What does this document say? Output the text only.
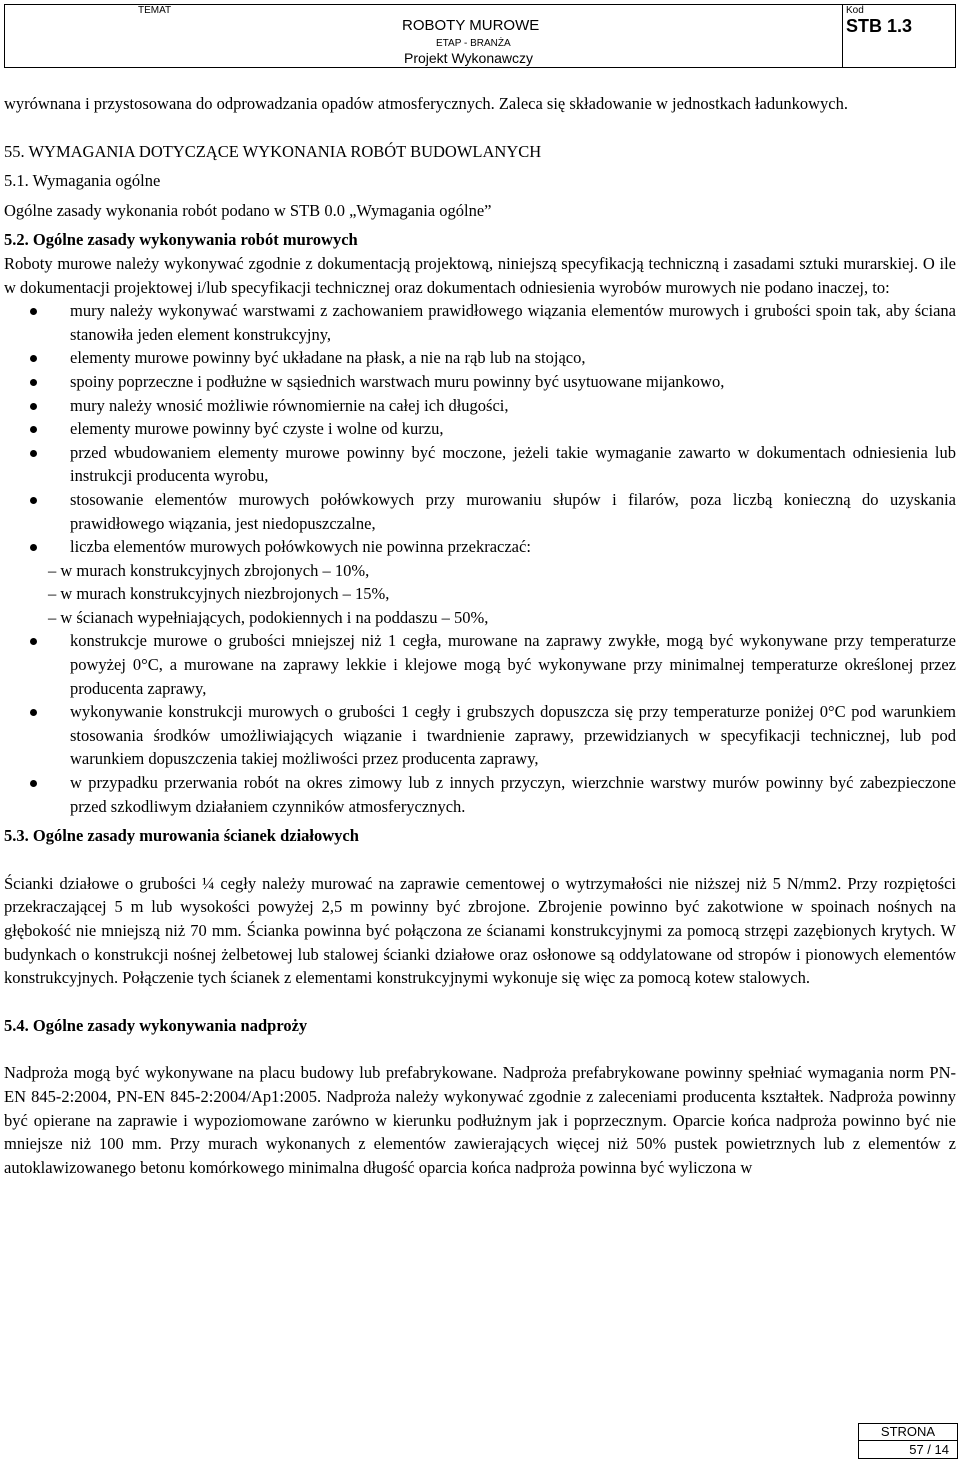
TEMAT	Kod
ROBOTY MUROWE	STB 1.3
ETAP - BRANŻA
Projekt Wykonawczy

wyrównana i przystosowana do odprowadzania opadów atmosferycznych. Zaleca się składowanie w jednostkach ładunkowych.

55. WYMAGANIA DOTYCZĄCE WYKONANIA ROBÓT BUDOWLANYCH

5.1. Wymagania ogólne

Ogólne zasady wykonania robót podano w STB 0.0 „Wymagania ogólne”

5.2. Ogólne zasady wykonywania robót murowych

Roboty murowe należy wykonywać zgodnie z dokumentacją projektową, niniejszą specyfikacją techniczną i zasadami sztuki murarskiej. O ile w dokumentacji projektowej i/lub specyfikacji technicznej oraz dokumentach odniesienia wyrobów murowych nie podano inaczej, to:

mury należy wykonywać warstwami z zachowaniem prawidłowego wiązania elementów murowych i grubości spoin tak, aby ściana stanowiła jeden element konstrukcyjny,
elementy murowe powinny być układane na płask, a nie na rąb lub na stojąco,
spoiny poprzeczne i podłużne w sąsiednich warstwach muru powinny być usytuowane mijankowo,
mury należy wnosić możliwie równomiernie na całej ich długości,
elementy murowe powinny być czyste i wolne od kurzu,
przed wbudowaniem elementy murowe powinny być moczone, jeżeli takie wymaganie zawarto w dokumentach odniesienia lub instrukcji producenta wyrobu,
stosowanie elementów murowych połówkowych przy murowaniu słupów i filarów, poza liczbą konieczną do uzyskania prawidłowego wiązania, jest niedopuszczalne,
liczba elementów murowych połówkowych nie powinna przekraczać:
– w murach konstrukcyjnych zbrojonych – 10%,
– w murach konstrukcyjnych niezbrojonych – 15%,
– w ścianach wypełniających, podokiennych i na poddaszu – 50%,
konstrukcje murowe o grubości mniejszej niż 1 cegła, murowane na zaprawy zwykłe, mogą być wykonywane przy temperaturze powyżej 0°C, a murowane na zaprawy lekkie i klejowe mogą być wykonywane przy minimalnej temperaturze określonej przez producenta zaprawy,
wykonywanie konstrukcji murowych o grubości 1 cegły i grubszych dopuszcza się przy temperaturze poniżej 0°C pod warunkiem stosowania środków umożliwiających wiązanie i twardnienie zaprawy, przewidzianych w specyfikacji technicznej, lub pod warunkiem dopuszczenia takiej możliwości przez producenta zaprawy,
w przypadku przerwania robót na okres zimowy lub z innych przyczyn, wierzchnie warstwy murów powinny być zabezpieczone przed szkodliwym działaniem czynników atmosferycznych.

5.3. Ogólne zasady murowania ścianek działowych

Ścianki działowe o grubości ¼ cegły należy murować na zaprawie cementowej o wytrzymałości nie niższej niż 5 N/mm2. Przy rozpiętości przekraczającej 5 m lub wysokości powyżej 2,5 m powinny być zbrojone. Zbrojenie powinno być zakotwione w spoinach nośnych na głębokość nie mniejszą niż 70 mm. Ścianka powinna być połączona ze ścianami konstrukcyjnymi za pomocą strzępi zazębionych krytych. W budynkach o konstrukcji nośnej żelbetowej lub stalowej ścianki działowe oraz osłonowe są oddylatowane od stropów i pionowych elementów konstrukcyjnych. Połączenie tych ścianek z elementami konstrukcyjnymi wykonuje się więc za pomocą kotew stalowych.

5.4. Ogólne zasady wykonywania nadproży

Nadproża mogą być wykonywane na placu budowy lub prefabrykowane. Nadproża prefabrykowane powinny spełniać wymagania norm PN-EN 845-2:2004, PN-EN 845-2:2004/Ap1:2005. Nadproża należy wykonywać zgodnie z zaleceniami producenta kształtek. Nadproża powinny być opierane na zaprawie i wypoziomowane zarówno w kierunku podłużnym jak i poprzecznym. Oparcie końca nadproża powinno być nie mniejsze niż 100 mm. Przy murach wykonanych z elementów zawierających więcej niż 50% pustek powietrznych lub z elementów z autoklawizowanego betonu komórkowego minimalna długość oparcia końca nadproża powinna być wyliczona w

STRONA
57 / 14
